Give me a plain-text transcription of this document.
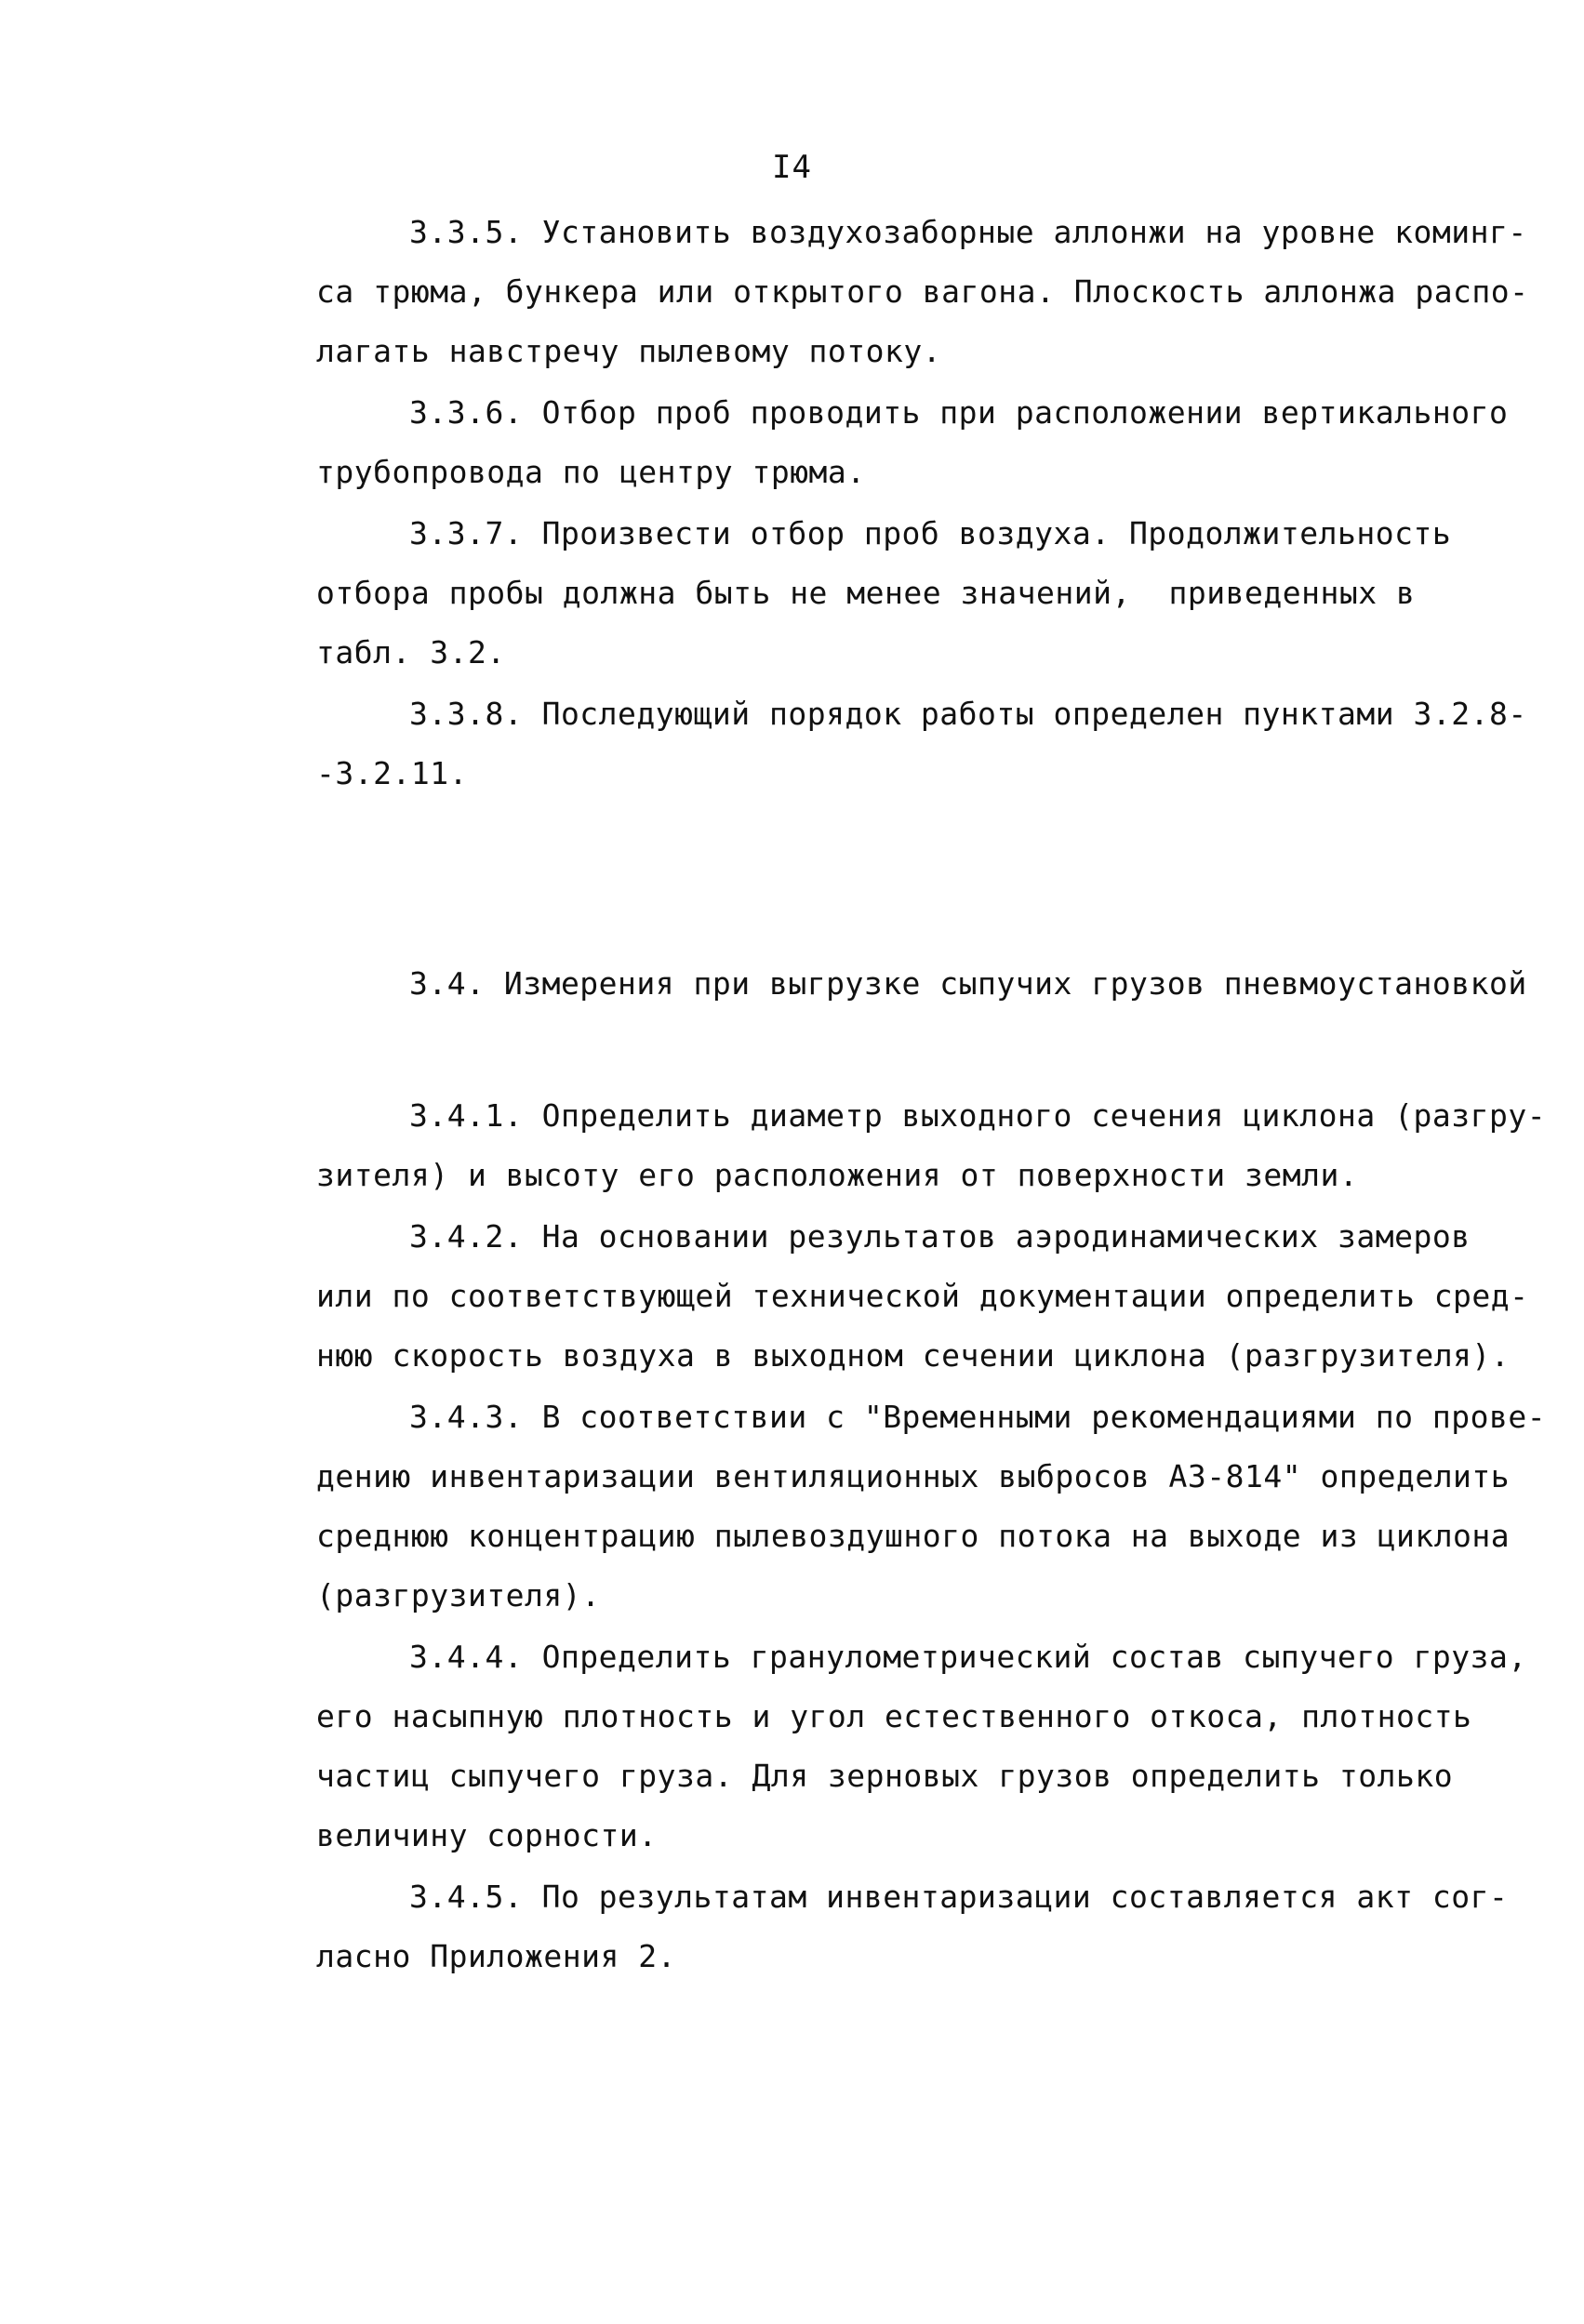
I4
3.3.5. Установить воздухозаборные аллонжи на уровне коминг-
са трюма, бункера или открытого вагона. Плоскость аллонжа распо-
лагать навстречу пылевому потоку.
3.3.6. Отбор проб проводить при расположении вертикального
трубопровода по центру трюма.
3.3.7. Произвести отбор проб воздуха. Продолжительность
отбора пробы должна быть не менее значений,  приведенных в
табл. 3.2.
3.3.8. Последующий порядок работы определен пунктами 3.2.8-
-3.2.11.
3.4. Измерения при выгрузке сыпучих грузов пневмоустановкой
3.4.1. Определить диаметр выходного сечения циклона (разгру-
зителя) и высоту его расположения от поверхности земли.
3.4.2. На основании результатов аэродинамических замеров
или по соответствующей технической документации определить сред-
нюю скорость воздуха в выходном сечении циклона (разгрузителя).
3.4.3. В соответствии с "Временными рекомендациями по прове-
дению инвентаризации вентиляционных выбросов АЗ-814" определить
среднюю концентрацию пылевоздушного потока на выходе из циклона
(разгрузителя).
3.4.4. Определить гранулометрический состав сыпучего груза,
его насыпную плотность и угол естественного откоса, плотность
частиц сыпучего груза. Для зерновых грузов определить только
величину сорности.
3.4.5. По результатам инвентаризации составляется акт сог-
ласно Приложения 2.
